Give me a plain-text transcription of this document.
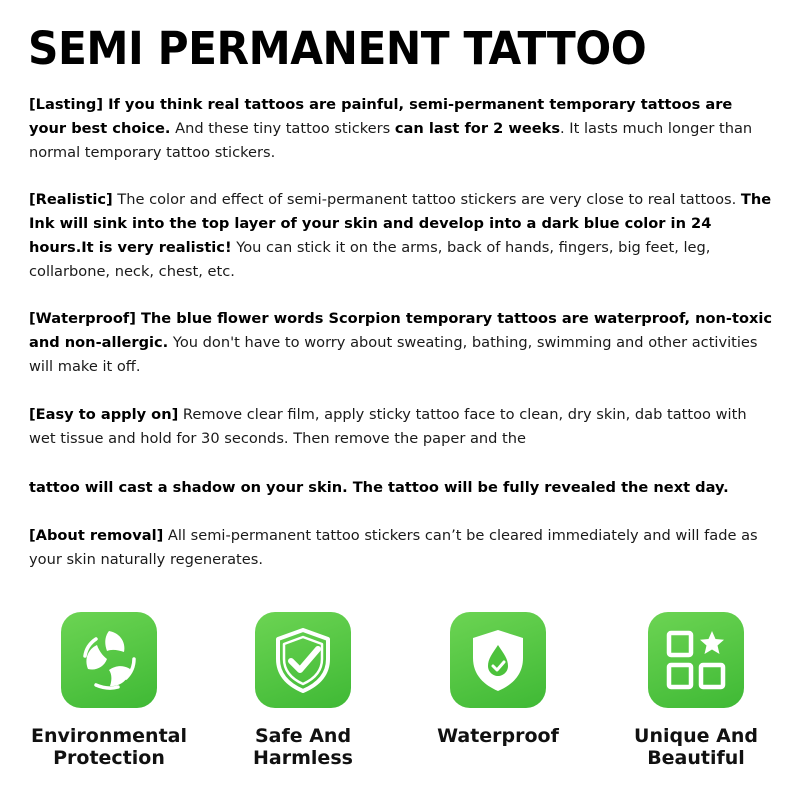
SEMI PERMANENT TATTOO

[Lasting] If you think real tattoos are painful, semi-permanent temporary tattoos are your best choice. And these tiny tattoo stickers can last for 2 weeks. It lasts much longer than normal temporary tattoo stickers.

[Realistic] The color and effect of semi-permanent tattoo stickers are very close to real tattoos. The Ink will sink into the top layer of your skin and develop into a dark blue color in 24 hours.It is very realistic! You can stick it on the arms, back of hands, fingers, big feet, leg, collarbone, neck, chest, etc.

[Waterproof] The blue flower words Scorpion temporary tattoos are waterproof, non-toxic and non-allergic. You don't have to worry about sweating, bathing, swimming and other activities will make it off.

[Easy to apply on] Remove clear film, apply sticky tattoo face to clean, dry skin, dab tattoo with wet tissue and hold for 30 seconds. Then remove the paper and the

tattoo will cast a shadow on your skin. The tattoo will be fully revealed the next day.

[About removal] All semi-permanent tattoo stickers can’t be cleared immediately and will fade as your skin naturally regenerates.

Environmental
Protection
Safe And
Harmless
Waterproof	Unique And
Beautiful
